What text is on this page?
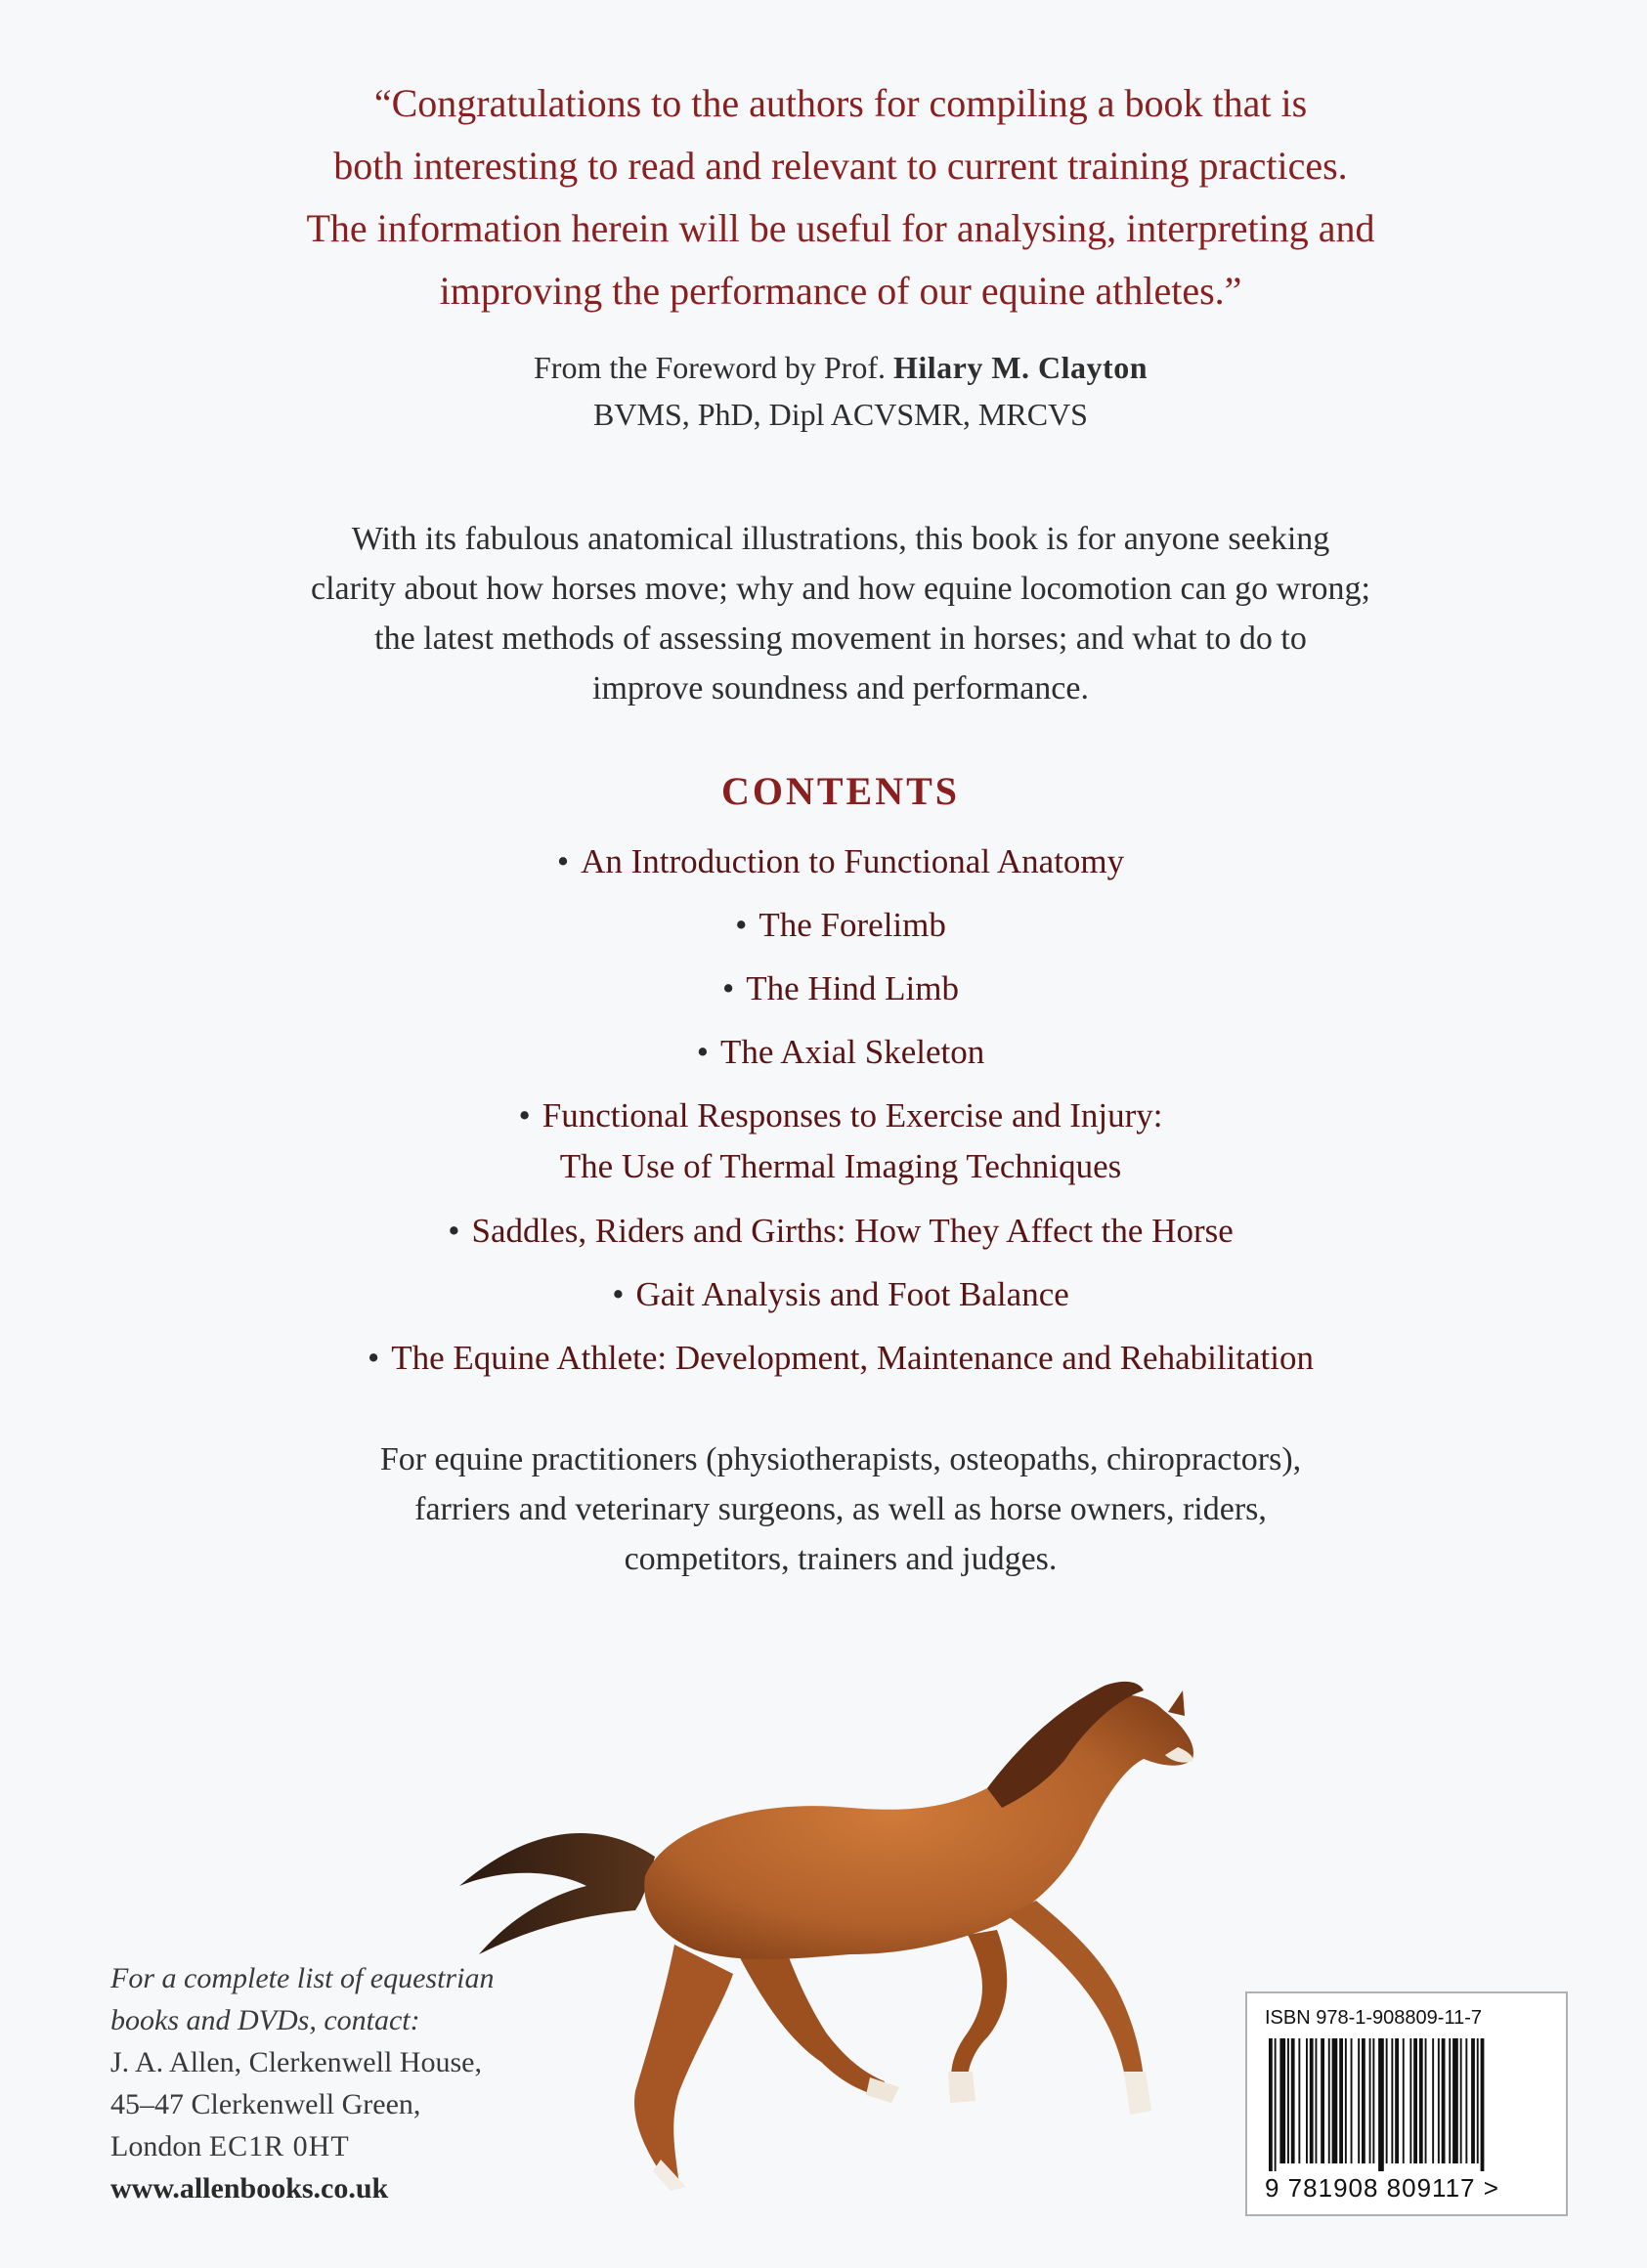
“Congratulations to the authors for compiling a book that is
both interesting to read and relevant to current training practices.
The information herein will be useful for analysing, interpreting and
improving the performance of our equine athletes.”
From the Foreword by Prof. Hilary M. Clayton
BVMS, PhD, Dipl ACVSMR, MRCVS
With its fabulous anatomical illustrations, this book is for anyone seeking
clarity about how horses move; why and how equine locomotion can go wrong;
the latest methods of assessing movement in horses; and what to do to
improve soundness and performance.
CONTENTS
• An Introduction to Functional Anatomy
• The Forelimb
• The Hind Limb
• The Axial Skeleton
• Functional Responses to Exercise and Injury:
The Use of Thermal Imaging Techniques
• Saddles, Riders and Girths: How They Affect the Horse
• Gait Analysis and Foot Balance
• The Equine Athlete: Development, Maintenance and Rehabilitation
For equine practitioners (physiotherapists, osteopaths, chiropractors),
farriers and veterinary surgeons, as well as horse owners, riders,
competitors, trainers and judges.
For a complete list of equestrian
books and DVDs, contact:
J. A. Allen, Clerkenwell House,
45–47 Clerkenwell Green,
London EC1R 0HT
www.allenbooks.co.uk
ISBN 978-1-908809-11-7
9 781908 809117 >
